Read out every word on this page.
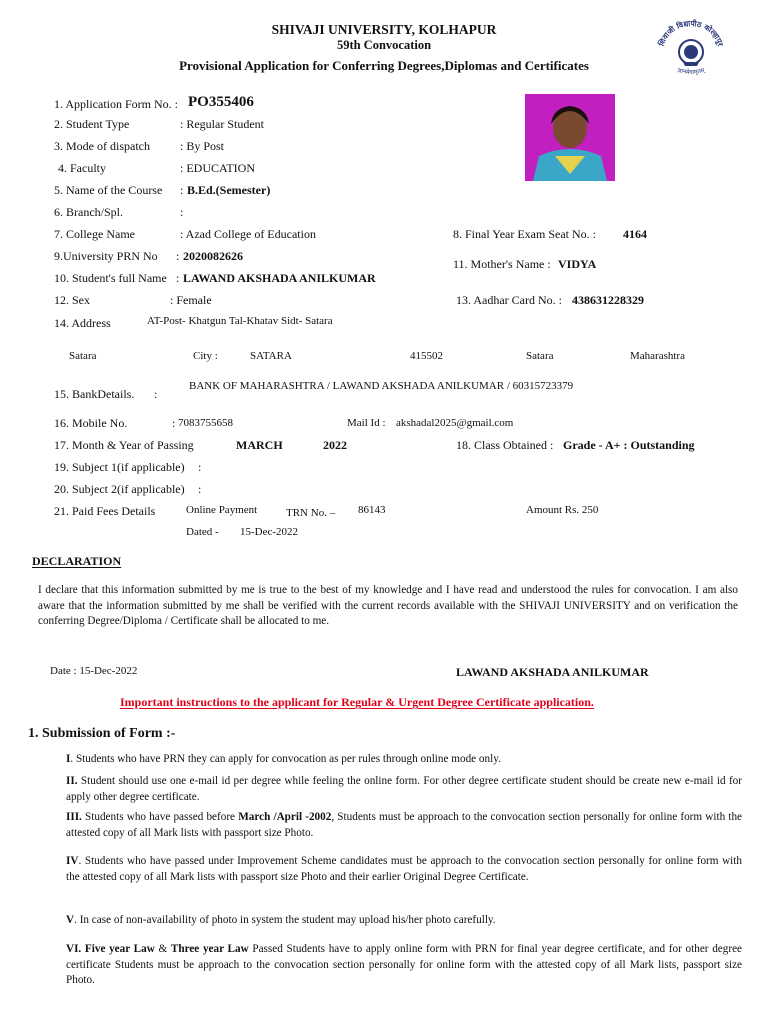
SHIVAJI UNIVERSITY, KOLHAPUR
59th Convocation
Provisional Application for Conferring Degrees,Diplomas and Certificates
शिवाजी विद्यापीठ कोल्हापूर
ज्ञानमेवामृतम्
1. Application Form No. : PO355406
2. Student Type	: Regular Student
3. Mode of dispatch	: By Post
4. Faculty	: EDUCATION
5. Name of the Course : B.Ed.(Semester)
6. Branch/Spl.	:
7. College Name	: Azad College of Education	8. Final Year Exam Seat No. : 4164
9.University PRN No : 2020082626
10. Student's full Name : LAWAND AKSHADA ANILKUMAR
11. Mother's Name : VIDYA
12. Sex	: Female	13. Aadhar Card No. : 438631228329
14. Address	AT-Post- Khatgun Tal-Khatav Sidt- Satara
Satara	City :	SATARA	415502	Satara	Maharashtra
15. BankDetails. :
BANK OF MAHARASHTRA / LAWAND AKSHADA ANILKUMAR / 60315723379
16. Mobile No.	: 7083755658	Mail Id : akshadal2025@gmail.com
17. Month & Year of Passing	MARCH	2022	18. Class Obtained : Grade - A+ : Outstanding
19. Subject 1(if applicable) :
20. Subject 2(if applicable) :
21. Paid Fees Details	Online Payment	TRN No. – 86143	Amount Rs. 250
Dated - 15-Dec-2022
DECLARATION
I declare that this information submitted by me is true to the best of my knowledge and I have read and understood the rules for convocation. I am also aware that the information submitted by me shall be verified with the current records available with the SHIVAJI UNIVERSITY and on verification the conferring Degree/Diploma / Certificate shall be allocated to me.
Date : 15-Dec-2022	LAWAND AKSHADA ANILKUMAR
Important instructions to the applicant for Regular & Urgent Degree Certificate application.
1. Submission of Form :-
I. Students who have PRN they can apply for convocation as per rules through online mode only.
II. Student should use one e-mail id per degree while feeling the online form. For other degree certificate student should be create new e-mail id for apply other degree certificate.
III. Students who have passed before March /April -2002, Students must be approach to the convocation section personally for online form with the attested copy of all Mark lists with passport size Photo.
IV. Students who have passed under Improvement Scheme candidates must be approach to the convocation section personally for online form with the attested copy of all Mark lists with passport size Photo and their earlier Original Degree Certificate.
V. In case of non-availability of photo in system the student may upload his/her photo carefully.
VI. Five year Law & Three year Law Passed Students have to apply online form with PRN for final year degree certificate, and for other degree certificate Students must be approach to the convocation section personally for online form with the attested copy of all Mark lists, passport size Photo.
